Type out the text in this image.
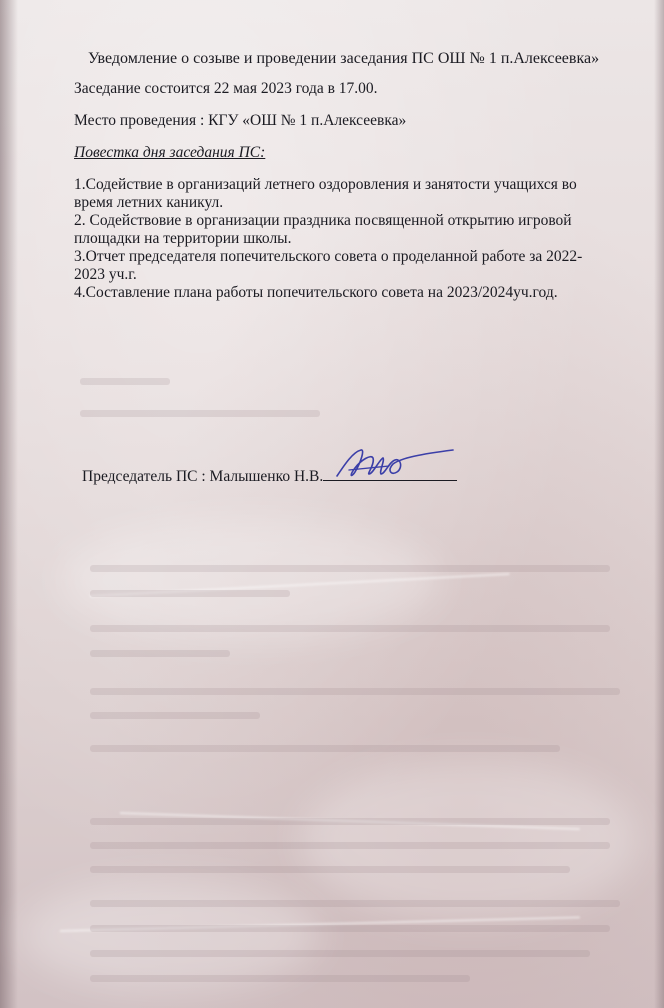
Уведомление о созыве и проведении заседания ПС ОШ № 1 п.Алексеевка»
Заседание состоится 22 мая 2023 года в 17.00.
Место проведения : КГУ «ОШ № 1 п.Алексеевка»
Повестка дня заседания ПС:
1.Содействие в организаций летнего оздоровления и занятости учащихся во
время летних каникул.
2. Содействовие в организации праздника посвященной открытию игровой
площадки на территории школы.
3.Отчет председателя попечительского совета о проделанной работе за 2022-
2023 уч.г.
4.Составление плана работы попечительского совета на 2023/2024уч.год.
Председатель ПС : Малышенко Н.В.
